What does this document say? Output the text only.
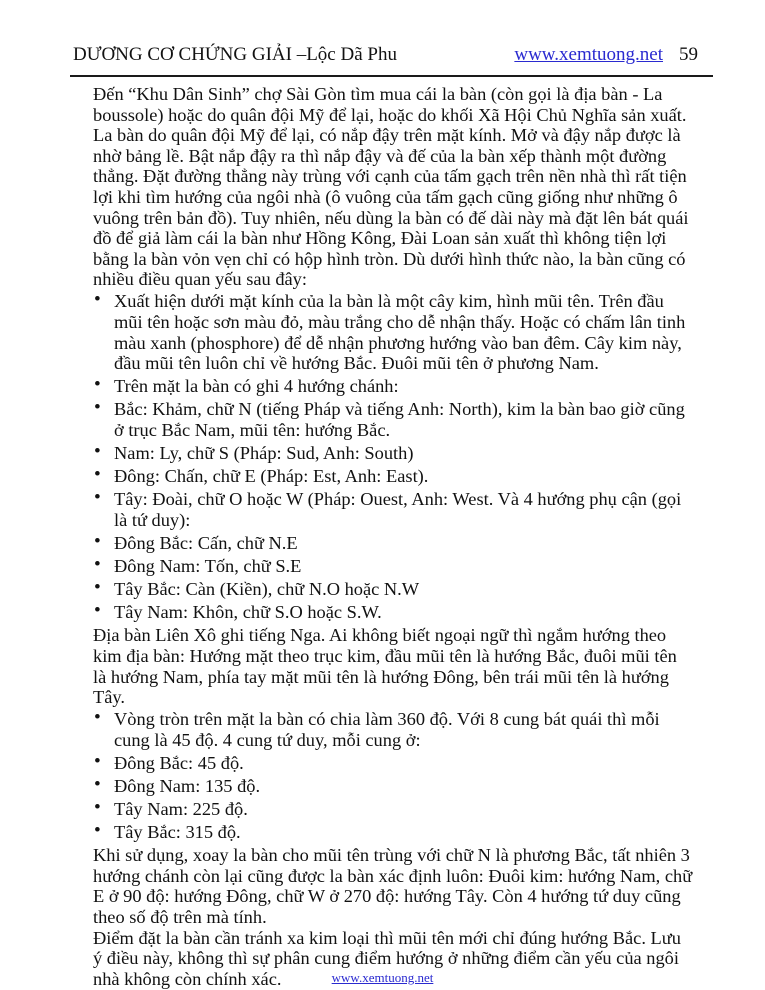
DƯƠNG CƠ CHỨNG GIẢI –Lộc Dã Phu	www.xemtuong.net 59

Đến “Khu Dân Sinh” chợ Sài Gòn tìm mua cái la bàn (còn gọi là địa bàn - La boussole) hoặc do quân đội Mỹ để lại, hoặc do khối Xã Hội Chủ Nghĩa sản xuất. La bàn do quân đội Mỹ để lại, có nắp đậy trên mặt kính. Mở và đậy nắp được là nhờ bảng lề. Bật nắp đậy ra thì nắp đậy và đế của la bàn xếp thành một đường thẳng. Đặt đường thẳng này trùng với cạnh của tấm gạch trên nền nhà thì rất tiện lợi khi tìm hướng của ngôi nhà (ô vuông của tấm gạch cũng giống như những ô vuông trên bản đồ). Tuy nhiên, nếu dùng la bàn có đế dài này mà đặt lên bát quái đồ để giả làm cái la bàn như Hồng Kông, Đài Loan sản xuất thì không tiện lợi bằng la bàn vỏn vẹn chỉ có hộp hình tròn. Dù dưới hình thức nào, la bàn cũng có nhiều điều quan yếu sau đây:

• Xuất hiện dưới mặt kính của la bàn là một cây kim, hình mũi tên. Trên đầu mũi tên hoặc sơn màu đỏ, màu trắng cho dễ nhận thấy. Hoặc có chấm lân tinh màu xanh (phosphore) để dễ nhận phương hướng vào ban đêm. Cây kim này, đầu mũi tên luôn chỉ về hướng Bắc. Đuôi mũi tên ở phương Nam.
• Trên mặt la bàn có ghi 4 hướng chánh:
• Bắc: Khảm, chữ N (tiếng Pháp và tiếng Anh: North), kim la bàn bao giờ cũng ở trục Bắc Nam, mũi tên: hướng Bắc.
• Nam: Ly, chữ S (Pháp: Sud, Anh: South)
• Đông: Chấn, chữ E (Pháp: Est, Anh: East).
• Tây: Đoài, chữ O hoặc W (Pháp: Ouest, Anh: West. Và 4 hướng phụ cận (gọi là tứ duy):
• Đông Bắc: Cấn, chữ N.E
• Đông Nam: Tốn, chữ S.E
• Tây Bắc: Càn (Kiền), chữ N.O hoặc N.W
• Tây Nam: Khôn, chữ S.O hoặc S.W.

Địa bàn Liên Xô ghi tiếng Nga. Ai không biết ngoại ngữ thì ngắm hướng theo kim địa bàn: Hướng mặt theo trục kim, đầu mũi tên là hướng Bắc, đuôi mũi tên là hướng Nam, phía tay mặt mũi tên là hướng Đông, bên trái mũi tên là hướng Tây.

• Vòng tròn trên mặt la bàn có chia làm 360 độ. Với 8 cung bát quái thì mỗi cung là 45 độ. 4 cung tứ duy, mỗi cung ở:
• Đông Bắc: 45 độ.
• Đông Nam: 135 độ.
• Tây Nam: 225 độ.
• Tây Bắc: 315 độ.

Khi sử dụng, xoay la bàn cho mũi tên trùng với chữ N là phương Bắc, tất nhiên 3 hướng chánh còn lại cũng được la bàn xác định luôn: Đuôi kim: hướng Nam, chữ E ở 90 độ: hướng Đông, chữ W ở 270 độ: hướng Tây. Còn 4 hướng tứ duy cũng theo số độ trên mà tính.

Điểm đặt la bàn cần tránh xa kim loại thì mũi tên mới chỉ đúng hướng Bắc. Lưu ý điều này, không thì sự phân cung điểm hướng ở những điểm cần yếu của ngôi nhà không còn chính xác.	www.xemtuong.net
